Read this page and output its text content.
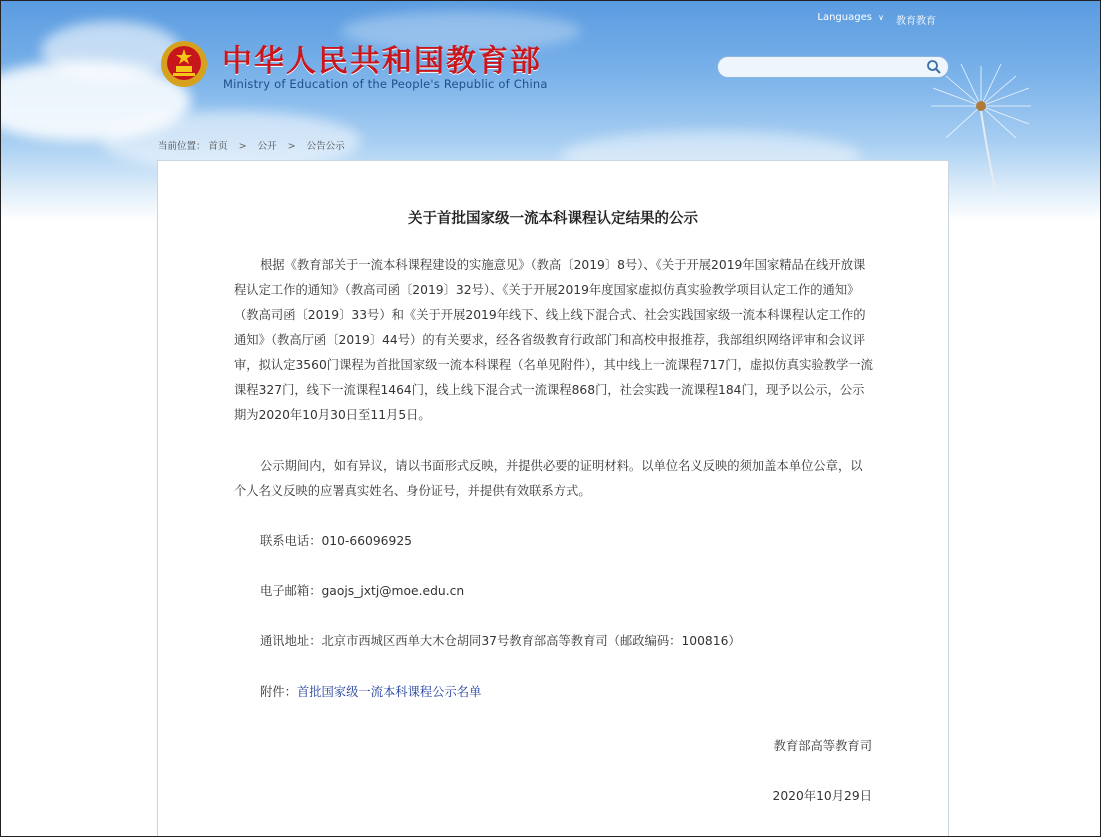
中华人民共和国教育部
Ministry of Education of the People's Republic of China
Languages ∨ 教育教育
当前位置： 首页 > 公开 > 公告公示
关于首批国家级一流本科课程认定结果的公示
根据《教育部关于一流本科课程建设的实施意见》（教高〔2019〕8号）、《关于开展2019年国家精品在线开放课程认定工作的通知》（教高司函〔2019〕32号）、《关于开展2019年度国家虚拟仿真实验教学项目认定工作的通知》（教高司函〔2019〕33号）和《关于开展2019年线下、线上线下混合式、社会实践国家级一流本科课程认定工作的通知》（教高厅函〔2019〕44号）的有关要求，经各省级教育行政部门和高校申报推荐，我部组织网络评审和会议评审，拟认定3560门课程为首批国家级一流本科课程（名单见附件），其中线上一流课程717门，虚拟仿真实验教学一流课程327门，线下一流课程1464门，线上线下混合式一流课程868门，社会实践一流课程184门，现予以公示，公示期为2020年10月30日至11月5日。
公示期间内，如有异议，请以书面形式反映，并提供必要的证明材料。以单位名义反映的须加盖本单位公章，以个人名义反映的应署真实姓名、身份证号，并提供有效联系方式。
联系电话：010-66096925
电子邮箱：gaojs_jxtj@moe.edu.cn
通讯地址：北京市西城区西单大木仓胡同37号教育部高等教育司（邮政编码：100816）
附件：首批国家级一流本科课程公示名单
教育部高等教育司
2020年10月29日
